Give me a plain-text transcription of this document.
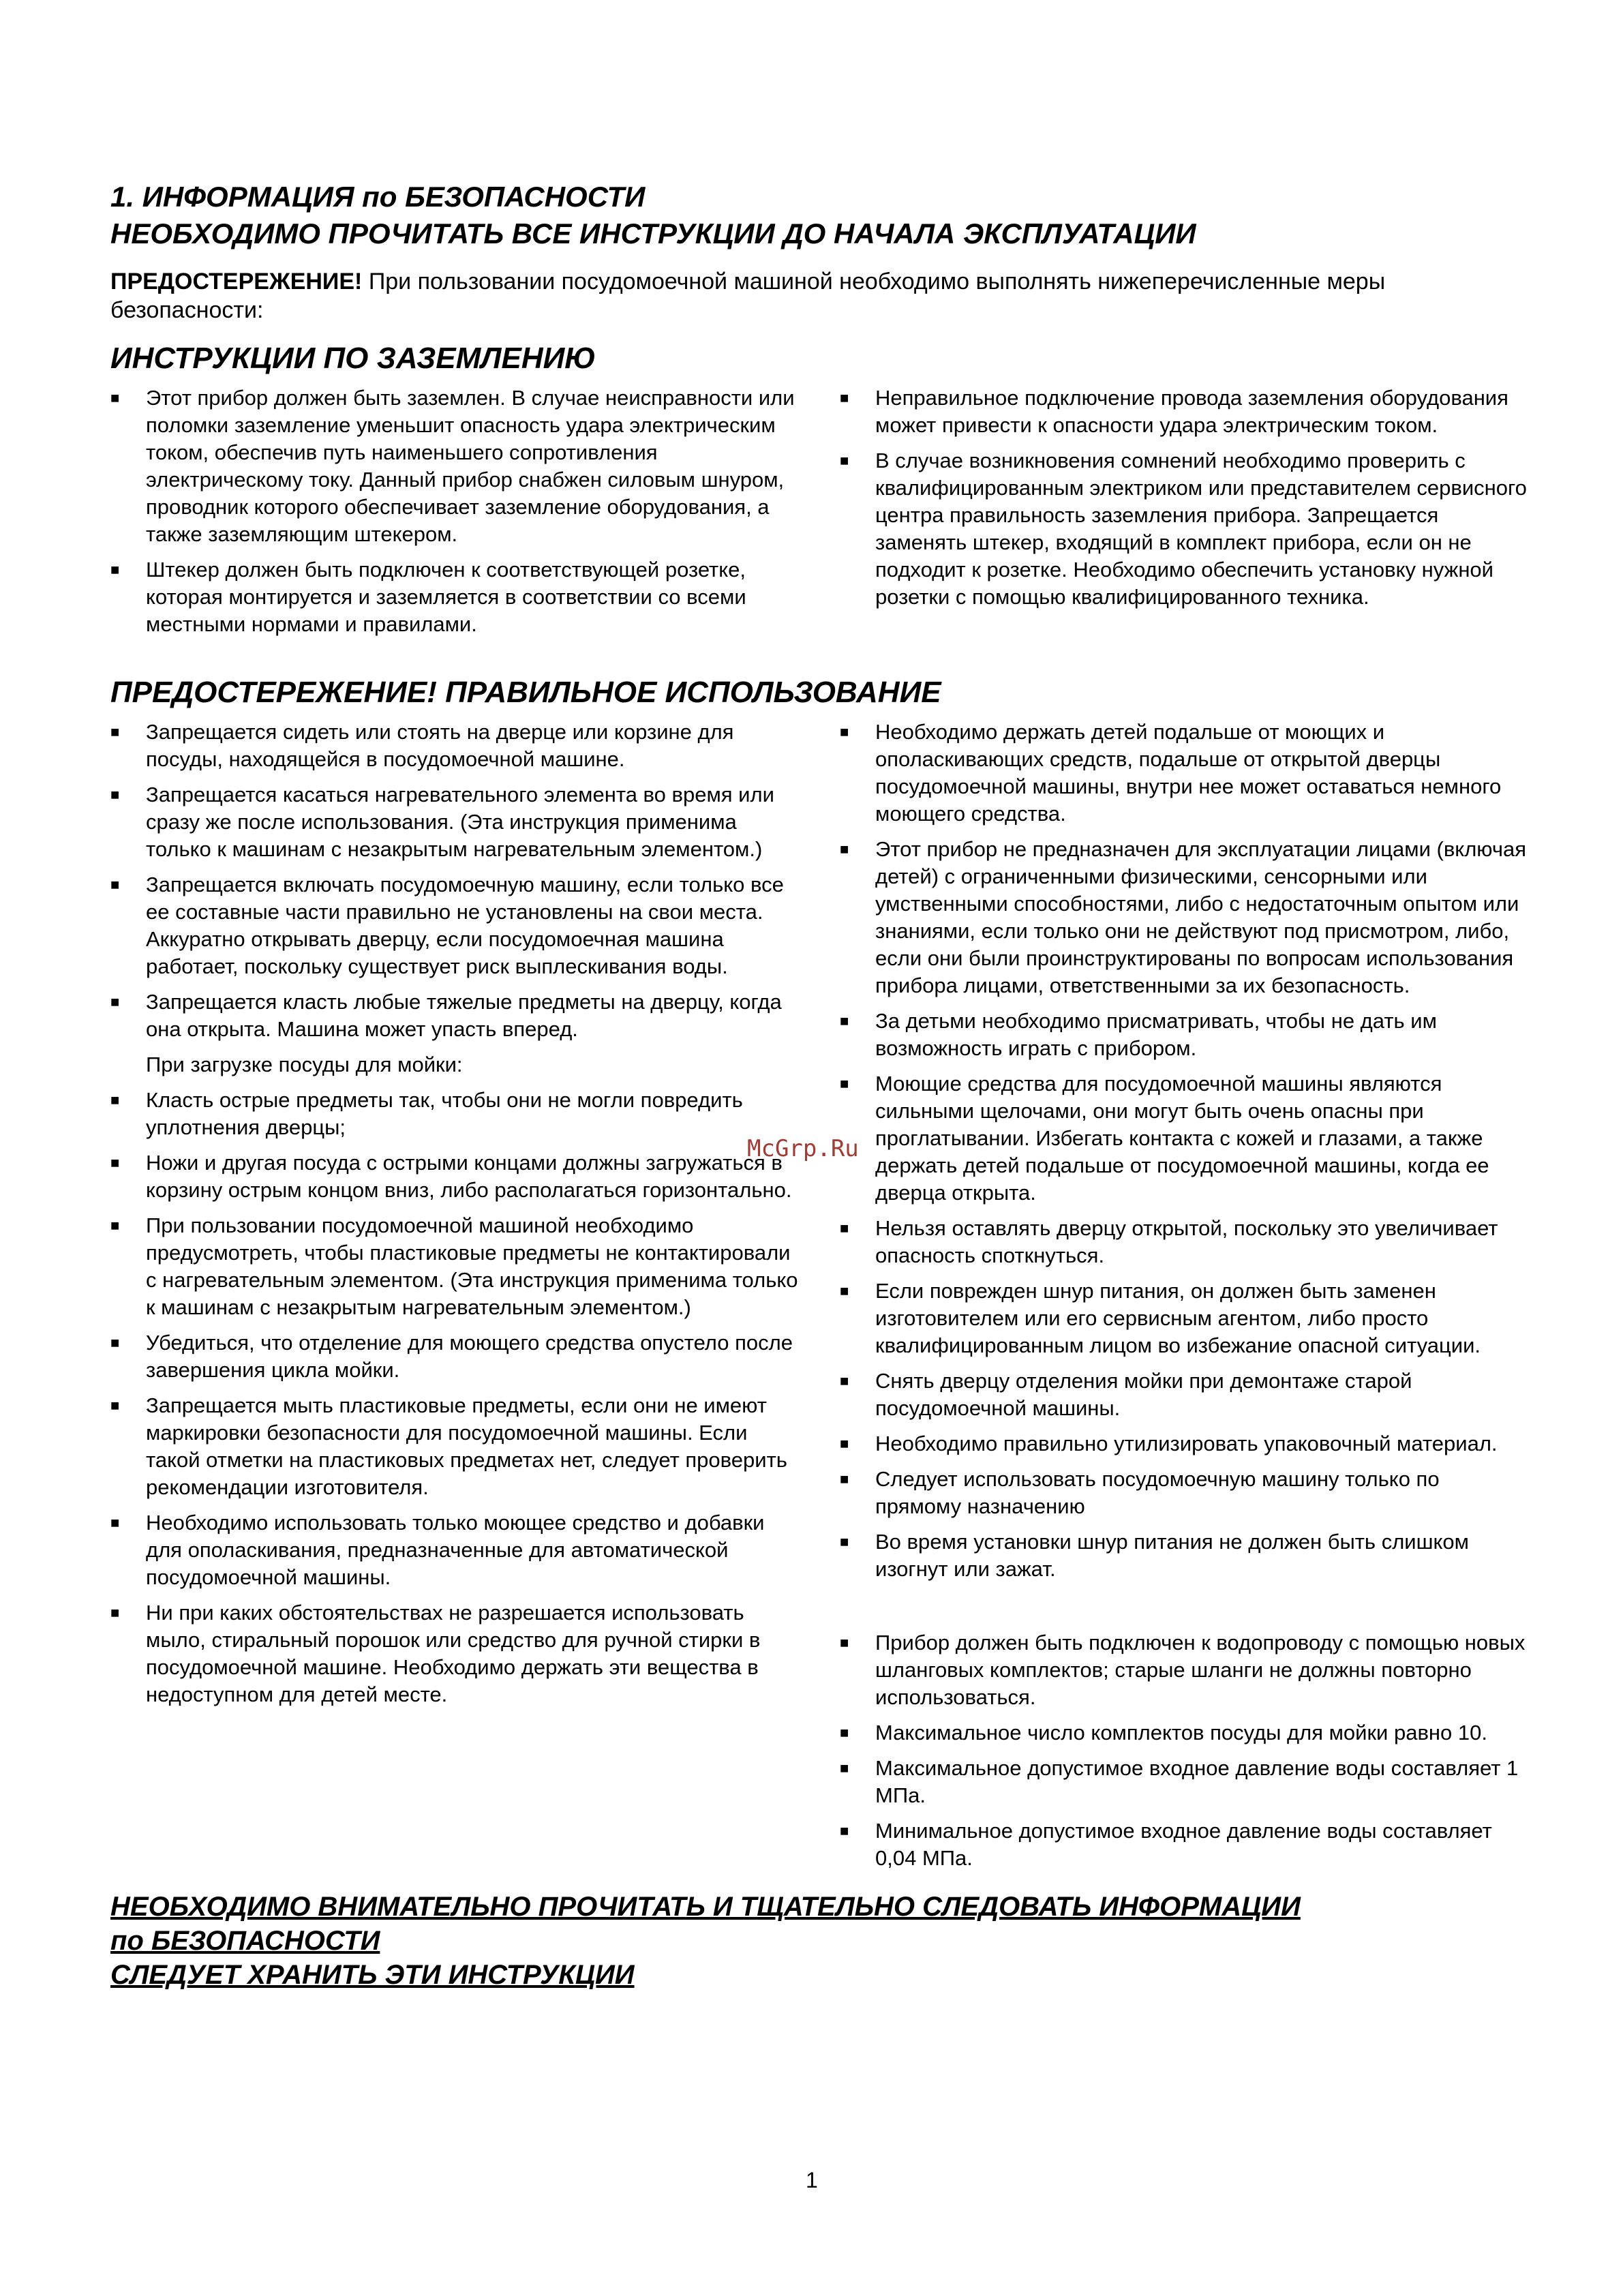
1. ИНФОРМАЦИЯ по БЕЗОПАСНОСТИ
НЕОБХОДИМО ПРОЧИТАТЬ ВСЕ ИНСТРУКЦИИ ДО НАЧАЛА ЭКСПЛУАТАЦИИ

ПРЕДОСТЕРЕЖЕНИЕ! При пользовании посудомоечной машиной необходимо выполнять нижеперечисленные меры безопасности:

ИНСТРУКЦИИ ПО ЗАЗЕМЛЕНИЮ
■ Этот прибор должен быть заземлен. В случае неисправности или поломки заземление уменьшит опасность удара электрическим током, обеспечив путь наименьшего сопротивления электрическому току. Данный прибор снабжен силовым шнуром, проводник которого обеспечивает заземление оборудования, а также заземляющим штекером.
■ Штекер должен быть подключен к соответствующей розетке, которая монтируется и заземляется в соответствии со всеми местными нормами и правилами.
■ Неправильное подключение провода заземления оборудования может привести к опасности удара электрическим током.
■ В случае возникновения сомнений необходимо проверить с квалифицированным электриком или представителем сервисного центра правильность заземления прибора. Запрещается заменять штекер, входящий в комплект прибора, если он не подходит к розетке. Необходимо обеспечить установку нужной розетки с помощью квалифицированного техника.
ПРЕДОСТЕРЕЖЕНИЕ! ПРАВИЛЬНОЕ ИСПОЛЬЗОВАНИЕ
■ Запрещается сидеть или стоять на дверце или корзине для посуды, находящейся в посудомоечной машине.
■ Запрещается касаться нагревательного элемента во время или сразу же после использования. (Эта инструкция применима только к машинам с незакрытым нагревательным элементом.)
■ Запрещается включать посудомоечную машину, если только все ее составные части правильно не установлены на свои места. Аккуратно открывать дверцу, если посудомоечная машина работает, поскольку существует риск выплескивания воды.
■ Запрещается класть любые тяжелые предметы на дверцу, когда она открыта. Машина может упасть вперед.
При загрузке посуды для мойки:
■ Класть острые предметы так, чтобы они не могли повредить уплотнения дверцы;
■ Ножи и другая посуда с острыми концами должны загружаться в корзину острым концом вниз, либо располагаться горизонтально.
■ При пользовании посудомоечной машиной необходимо предусмотреть, чтобы пластиковые предметы не контактировали с нагревательным элементом. (Эта инструкция применима только к машинам с незакрытым нагревательным элементом.)
■ Убедиться, что отделение для моющего средства опустело после завершения цикла мойки.
■ Запрещается мыть пластиковые предметы, если они не имеют маркировки безопасности для посудомоечной машины. Если такой отметки на пластиковых предметах нет, следует проверить рекомендации изготовителя.
■ Необходимо использовать только моющее средство и добавки для ополаскивания, предназначенные для автоматической посудомоечной машины.
■ Ни при каких обстоятельствах не разрешается использовать мыло, стиральный порошок или средство для ручной стирки в посудомоечной машине. Необходимо держать эти вещества в недоступном для детей месте.
■ Необходимо держать детей подальше от моющих и ополаскивающих средств, подальше от открытой дверцы посудомоечной машины, внутри нее может оставаться немного моющего средства.
■ Этот прибор не предназначен для эксплуатации лицами (включая детей) с ограниченными физическими, сенсорными или умственными способностями, либо с недостаточным опытом или знаниями, если только они не действуют под присмотром, либо, если они были проинструктированы по вопросам использования прибора лицами, ответственными за их безопасность.
■ За детьми необходимо присматривать, чтобы не дать им возможность играть с прибором.
■ Моющие средства для посудомоечной машины являются сильными щелочами, они могут быть очень опасны при проглатывании. Избегать контакта с кожей и глазами, а также держать детей подальше от посудомоечной машины, когда ее дверца открыта.
■ Нельзя оставлять дверцу открытой, поскольку это увеличивает опасность споткнуться.
■ Если поврежден шнур питания, он должен быть заменен изготовителем или его сервисным агентом, либо просто квалифицированным лицом во избежание опасной ситуации.
■ Снять дверцу отделения мойки при демонтаже старой посудомоечной машины.
■ Необходимо правильно утилизировать упаковочный материал.
■ Следует использовать посудомоечную машину только по прямому назначению
■ Во время установки шнур питания не должен быть слишком изогнут или зажат.
■ Прибор должен быть подключен к водопроводу с помощью новых шланговых комплектов; старые шланги не должны повторно использоваться.
■ Максимальное число комплектов посуды для мойки равно 10.
■ Максимальное допустимое входное давление воды составляет 1 МПа.
■ Минимальное допустимое входное давление воды составляет 0,04 МПа.

НЕОБХОДИМО ВНИМАТЕЛЬНО ПРОЧИТАТЬ И ТЩАТЕЛЬНО СЛЕДОВАТЬ ИНФОРМАЦИИ

по БЕЗОПАСНОСТИ

СЛЕДУЕТ ХРАНИТЬ ЭТИ ИНСТРУКЦИИ

McGrp.Ru
1
